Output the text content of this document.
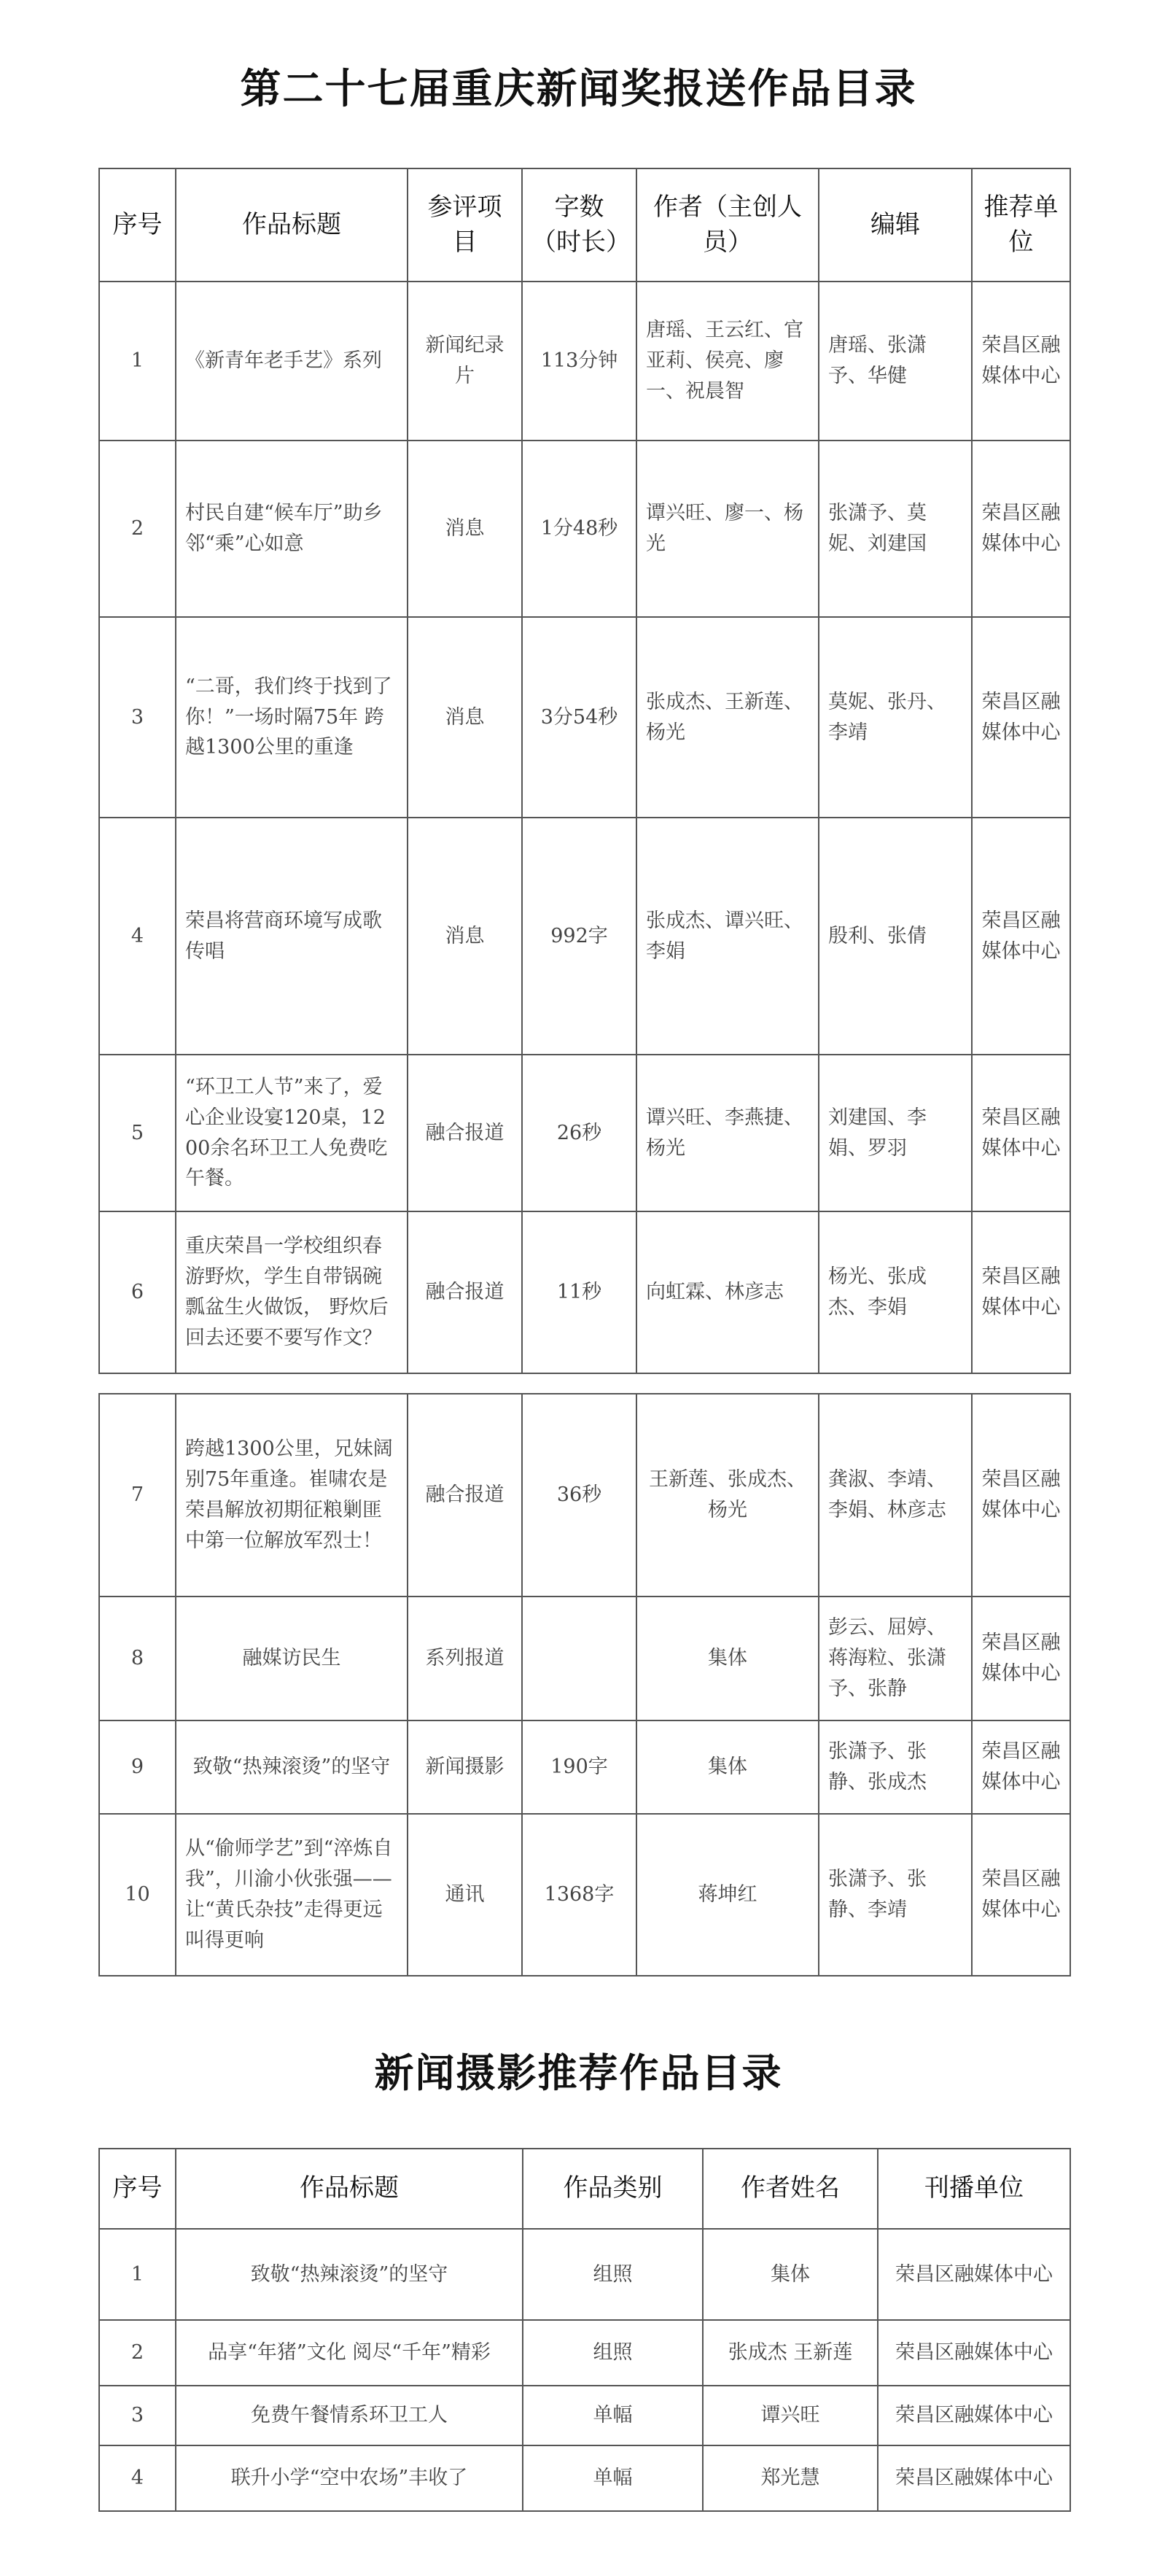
第二十七届重庆新闻奖报送作品目录
序号	作品标题	参评项目	字数（时长）	作者（主创人员）	编辑	推荐单位
1	《新青年老手艺》系列	新闻纪录片	113分钟	唐瑶、王云红、官亚莉、侯亮、廖一、祝晨智	唐瑶、张潇予、华健	荣昌区融媒体中心
2	村民自建“候车厅”助乡邻“乘”心如意	消息	1分48秒	谭兴旺、廖一、杨光	张潇予、莫妮、刘建国	荣昌区融媒体中心
3	“二哥，我们终于找到了你！”一场时隔75年 跨越1300公里的重逢	消息	3分54秒	张成杰、王新莲、杨光	莫妮、张丹、李靖	荣昌区融媒体中心
4	荣昌将营商环境写成歌传唱	消息	992字	张成杰、谭兴旺、李娟	殷利、张倩	荣昌区融媒体中心
5	“环卫工人节”来了，爱心企业设宴120桌，1200余名环卫工人免费吃午餐。	融合报道	26秒	谭兴旺、李燕捷、杨光	刘建国、李娟、罗羽	荣昌区融媒体中心
6	重庆荣昌一学校组织春游野炊，学生自带锅碗瓢盆生火做饭， 野炊后回去还要不要写作文？	融合报道	11秒	向虹霖、林彦志	杨光、张成杰、李娟	荣昌区融媒体中心
7	跨越1300公里，兄妹阔别75年重逢。崔啸农是荣昌解放初期征粮剿匪中第一位解放军烈士！	融合报道	36秒	王新莲、张成杰、杨光	龚淑、李靖、李娟、林彦志	荣昌区融媒体中心
8	融媒访民生	系列报道		集体	彭云、屈婷、蒋海粒、张潇予、张静	荣昌区融媒体中心
9	致敬“热辣滚烫”的坚守	新闻摄影	190字	集体	张潇予、张静、张成杰	荣昌区融媒体中心
10	从“偷师学艺”到“淬炼自我”，川渝小伙张强——让“黄氏杂技”走得更远叫得更响	通讯	1368字	蒋坤红	张潇予、张静、李靖	荣昌区融媒体中心
新闻摄影推荐作品目录
序号	作品标题	作品类别	作者姓名	刊播单位
1	致敬“热辣滚烫”的坚守	组照	集体	荣昌区融媒体中心
2	品享“年猪”文化 阅尽“千年”精彩	组照	张成杰 王新莲	荣昌区融媒体中心
3	免费午餐情系环卫工人	单幅	谭兴旺	荣昌区融媒体中心
4	联升小学“空中农场”丰收了	单幅	郑光慧	荣昌区融媒体中心
